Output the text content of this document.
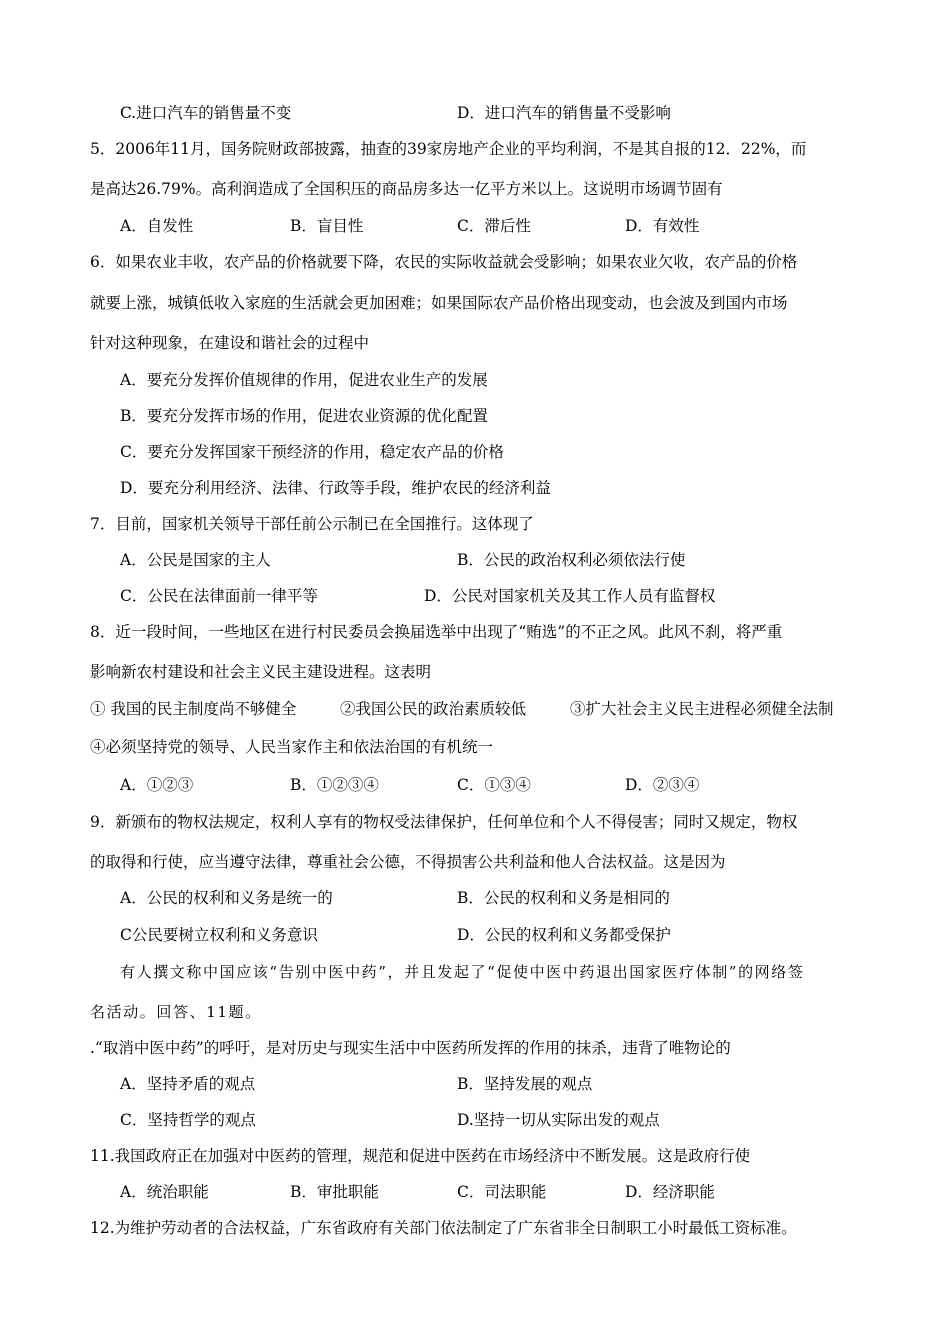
C.进口汽车的销售量不变	D．进口汽车的销售量不受影响
5．2006年11月，国务院财政部披露，抽查的39家房地产企业的平均利润，不是其自报的12．22%，而
是高达26.79%。高利润造成了全国积压的商品房多达一亿平方米以上。这说明市场调节固有
A．自发性	B．盲目性	C．滞后性	D．有效性
6．如果农业丰收，农产品的价格就要下降，农民的实际收益就会受影响；如果农业欠收，农产品的价格
就要上涨，城镇低收入家庭的生活就会更加困难；如果国际农产品价格出现变动，也会波及到国内市场
针对这种现象，在建设和谐社会的过程中
A．要充分发挥价值规律的作用，促进农业生产的发展
B．要充分发挥市场的作用，促进农业资源的优化配置
C．要充分发挥国家干预经济的作用，稳定农产品的价格
D．要充分利用经济、法律、行政等手段，维护农民的经济利益
7．目前，国家机关领导干部任前公示制已在全国推行。这体现了
A．公民是国家的主人	B．公民的政治权利必须依法行使
C．公民在法律面前一律平等	D．公民对国家机关及其工作人员有监督权
8．近一段时间，一些地区在进行村民委员会换届选举中出现了“贿选”的不正之风。此风不刹，将严重
影响新农村建设和社会主义民主建设进程。这表明
① 我国的民主制度尚不够健全	②我国公民的政治素质较低	③扩大社会主义民主进程必须健全法制
④必须坚持党的领导、人民当家作主和依法治国的有机统一
A．①②③	B．①②③④	C．①③④	D．②③④
9．新颁布的物权法规定，权利人享有的物权受法律保护，任何单位和个人不得侵害；同时又规定，物权
的取得和行使，应当遵守法律，尊重社会公德，不得损害公共利益和他人合法权益。这是因为
A．公民的权利和义务是统一的	B．公民的权利和义务是相同的
C公民要树立权利和义务意识	D．公民的权利和义务都受保护
有人撰文称中国应该“告别中医中药”，并且发起了“促使中医中药退出国家医疗体制”的网络签
名活动。回答、11题。
.“取消中医中药”的呼吁，是对历史与现实生活中中医药所发挥的作用的抹杀，违背了唯物论的
A．坚持矛盾的观点	B．坚持发展的观点
C．坚持哲学的观点	D.坚持一切从实际出发的观点
11.我国政府正在加强对中医药的管理，规范和促进中医药在市场经济中不断发展。这是政府行使
A．统治职能	B．审批职能	C．司法职能	D．经济职能
12.为维护劳动者的合法权益，广东省政府有关部门依法制定了广东省非全日制职工小时最低工资标准。
